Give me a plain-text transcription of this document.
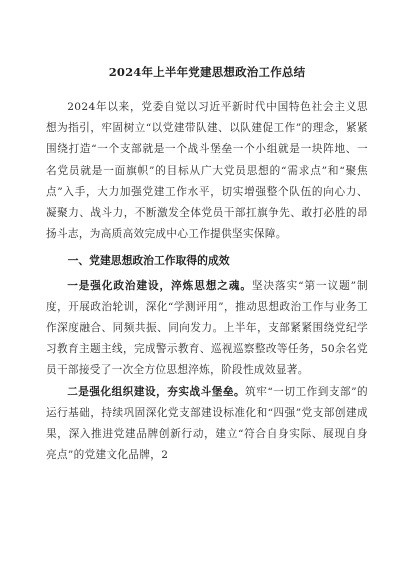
2024年上半年党建思想政治工作总结

2024年以来，党委自觉以习近平新时代中国特色社会主义思想为指引，牢固树立“以党建带队建、以队建促工作”的理念，紧紧围绕打造“一个支部就是一个战斗堡垒一个小组就是一块阵地、一名党员就是一面旗帜”的目标从广大党员思想的“需求点”和“聚焦点”入手，大力加强党建工作水平，切实增强整个队伍的向心力、凝聚力、战斗力，不断激发全体党员干部扛旗争先、敢打必胜的昂扬斗志，为高质高效完成中心工作提供坚实保障。

一、党建思想政治工作取得的成效

一是强化政治建设，淬炼思想之魂。坚决落实“第一议题”制度，开展政治轮训，深化“学测评用”，推动思想政治工作与业务工作深度融合、同频共振、同向发力。上半年，支部紧紧围绕党纪学习教育主题主线，完成警示教育、巡视巡察整改等任务，50余名党员干部接受了一次全方位思想淬炼，阶段性成效显著。

二是强化组织建设，夯实战斗堡垒。筑牢“一切工作到支部”的运行基础，持续巩固深化党支部建设标准化和“四强”党支部创建成果，深入推进党建品牌创新行动，建立“符合自身实际、展现自身亮点”的党建文化品牌，2
